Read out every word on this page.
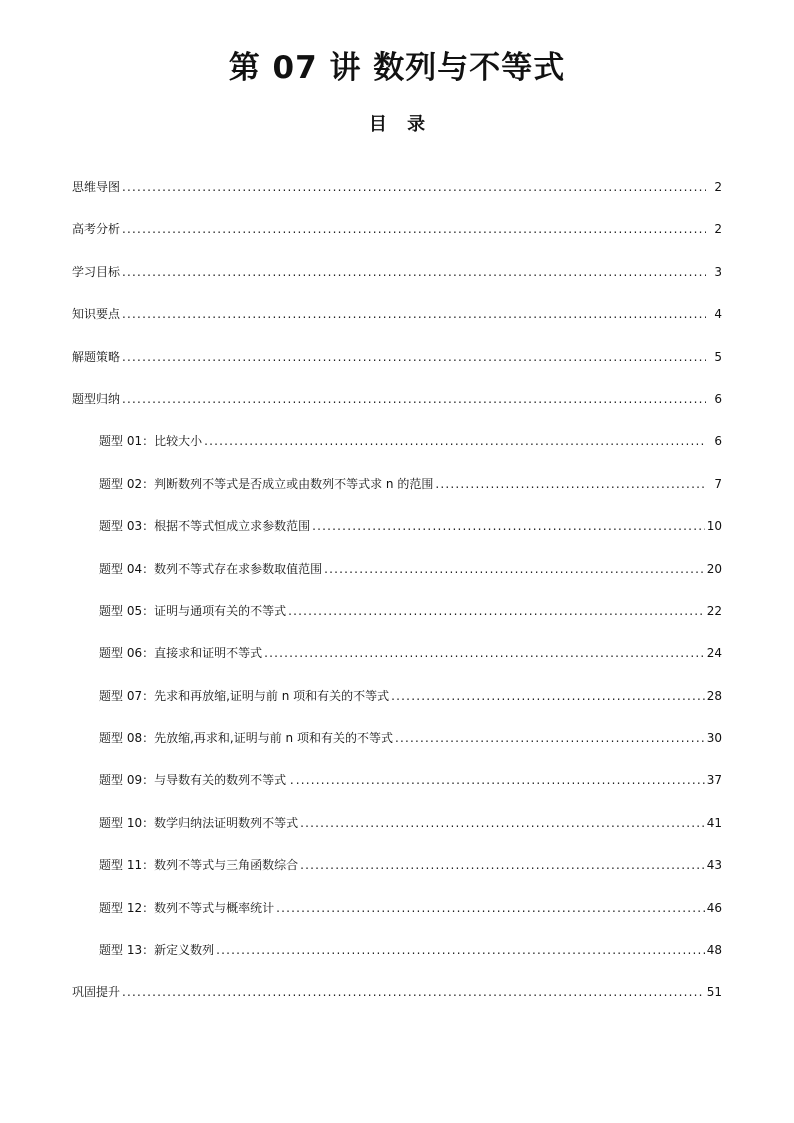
第 07 讲 数列与不等式
目 录
思维导图 .....	2
高考分析 .....	2
学习目标 .....	3
知识要点 .....	4
解题策略 .....	5
题型归纳 .....	6
题型 01：比较大小 .....	6
题型 02：判断数列不等式是否成立或由数列不等式求 n 的范围 .....	7
题型 03：根据不等式恒成立求参数范围 .....	10
题型 04：数列不等式存在求参数取值范围 .....	20
题型 05：证明与通项有关的不等式 .....	22
题型 06：直接求和证明不等式 .....	24
题型 07：先求和再放缩,证明与前 n 项和有关的不等式 .....	28
题型 08：先放缩,再求和,证明与前 n 项和有关的不等式 .....	30
题型 09：与导数有关的数列不等式 . .....	37
题型 10：数学归纳法证明数列不等式 .....	41
题型 11：数列不等式与三角函数综合 .....	43
题型 12：数列不等式与概率统计 .....	46
题型 13：新定义数列 .....	48
巩固提升 .....	51
